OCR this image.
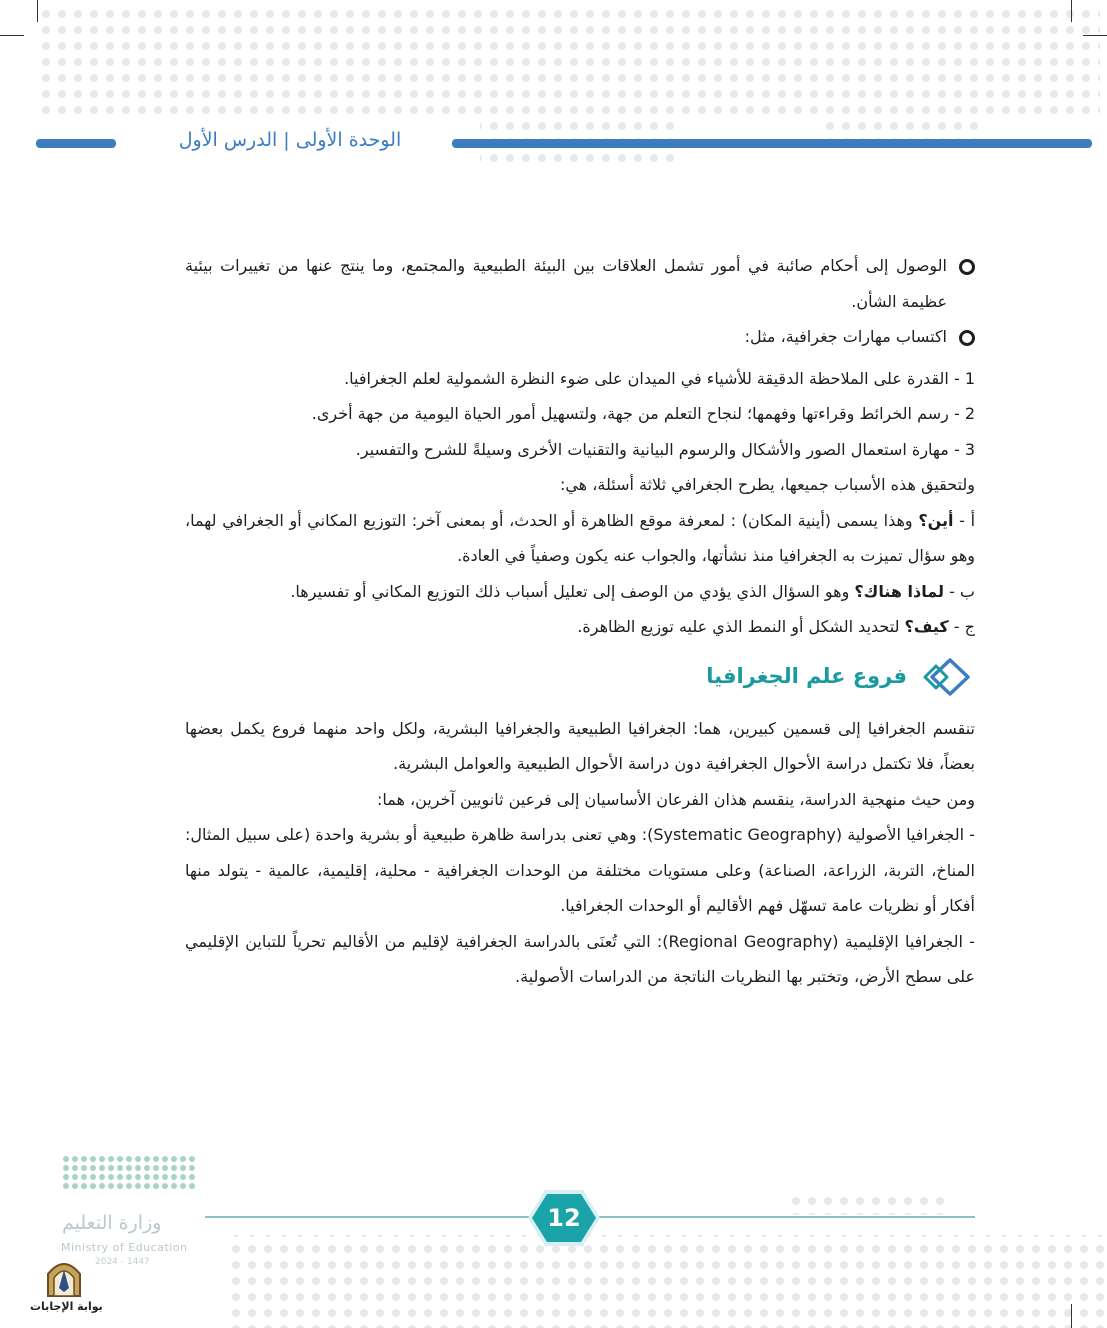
الوحدة الأولى | الدرس الأول

الوصول إلى أحكام صائبة في أمور تشمل العلاقات بين البيئة الطبيعية والمجتمع، وما ينتج عنها من تغييرات بيئية عظيمة الشأن.

اكتساب مهارات جغرافية، مثل:

1 - القدرة على الملاحظة الدقيقة للأشياء في الميدان على ضوء النظرة الشمولية لعلم الجغرافيا.

2 - رسم الخرائط وقراءتها وفهمها؛ لنجاح التعلم من جهة، ولتسهيل أمور الحياة اليومية من جهة أخرى.

3 - مهارة استعمال الصور والأشكال والرسوم البيانية والتقنيات الأخرى وسيلةً للشرح والتفسير.

ولتحقيق هذه الأسباب جميعها، يطرح الجغرافي ثلاثة أسئلة، هي:

أ - أين؟ وهذا يسمى (أينية المكان) : لمعرفة موقع الظاهرة أو الحدث، أو بمعنى آخر: التوزيع المكاني أو الجغرافي لهما، وهو سؤال تميزت به الجغرافيا منذ نشأتها، والجواب عنه يكون وصفياً في العادة.

ب - لماذا هناك؟ وهو السؤال الذي يؤدي من الوصف إلى تعليل أسباب ذلك التوزيع المكاني أو تفسيرها.

ج - كيف؟ لتحديد الشكل أو النمط الذي عليه توزيع الظاهرة.

فروع علم الجغرافيا

تنقسم الجغرافيا إلى قسمين كبيرين، هما: الجغرافيا الطبيعية والجغرافيا البشرية، ولكل واحد منهما فروع يكمل بعضها بعضاً، فلا تكتمل دراسة الأحوال الجغرافية دون دراسة الأحوال الطبيعية والعوامل البشرية.

ومن حيث منهجية الدراسة، ينقسم هذان الفرعان الأساسيان إلى فرعين ثانويين آخرين، هما:

- الجغرافيا الأصولية (Systematic Geography): وهي تعنى بدراسة ظاهرة طبيعية أو بشرية واحدة (على سبيل المثال: المناخ، التربة، الزراعة، الصناعة) وعلى مستويات مختلفة من الوحدات الجغرافية - محلية، إقليمية، عالمية - يتولد منها أفكار أو نظريات عامة تسهّل فهم الأقاليم أو الوحدات الجغرافيا.

- الجغرافيا الإقليمية (Regional Geography): التي تُعنَى بالدراسة الجغرافية لإقليم من الأقاليم تحرياً للتباين الإقليمي على سطح الأرض، وتختبر بها النظريات الناتجة من الدراسات الأصولية.

12
وزارة التعليم
Ministry of Education
2024 - 1447
بوابة الإجابات
